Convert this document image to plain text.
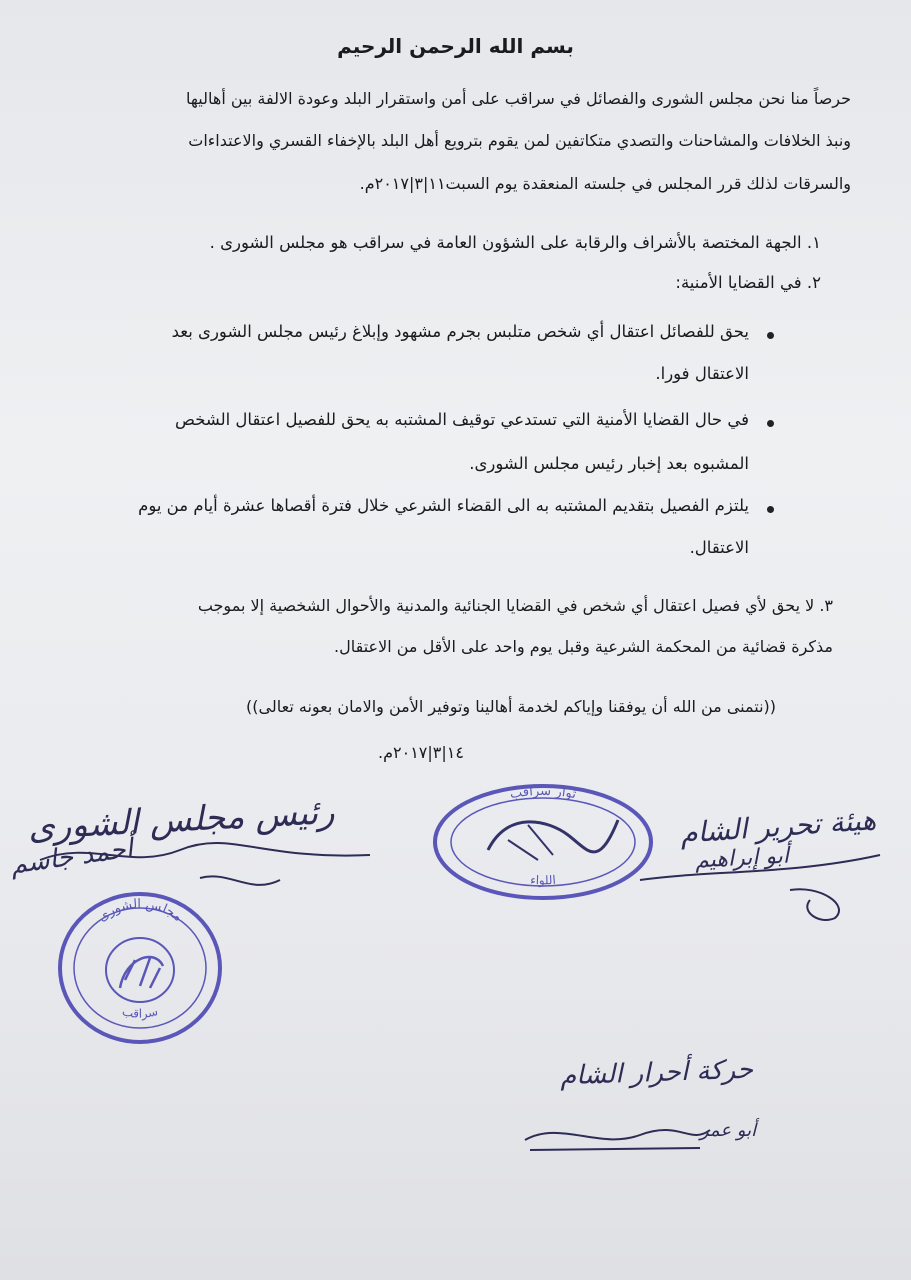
بسم الله الرحمن الرحيم
حرصاً منا نحن مجلس الشورى والفصائل في سراقب على أمن واستقرار البلد وعودة الالفة بين أهاليها
ونبذ الخلافات والمشاحنات والتصدي متكاتفين لمن يقوم بترويع أهل البلد بالإخفاء القسري والاعتداءات
والسرقات لذلك قرر المجلس في جلسته المنعقدة يوم السبت١١|٣|٢٠١٧م.
١. الجهة المختصة بالأشراف والرقابة على الشؤون العامة في سراقب هو مجلس الشورى .
٢. في القضايا الأمنية:
يحق للفصائل اعتقال أي شخص متلبس بجرم مشهود وإبلاغ رئيس مجلس الشورى بعد
الاعتقال فورا.
في حال القضايا الأمنية التي تستدعي توقيف المشتبه به يحق للفصيل اعتقال الشخص
المشبوه بعد إخبار رئيس مجلس الشورى.
يلتزم الفصيل بتقديم المشتبه به الى القضاء الشرعي خلال فترة أقصاها عشرة أيام من يوم
الاعتقال.
٣. لا يحق لأي فصيل اعتقال أي شخص في القضايا الجنائية والمدنية والأحوال الشخصية إلا بموجب
مذكرة قضائية من المحكمة الشرعية وقبل يوم واحد على الأقل من الاعتقال.
((نتمنى من الله أن يوفقنا وإياكم لخدمة أهالينا وتوفير الأمن والامان بعونه تعالى))
١٤|٣|٢٠١٧م.
رئيس مجلس الشورى
أحمد جاسم
مجلس الشورى
سراقب
ثوار سراقب
اللواء
هيئة تحرير الشام
أبو إبراهيم
حركة أحرار الشام
أبو عمر
